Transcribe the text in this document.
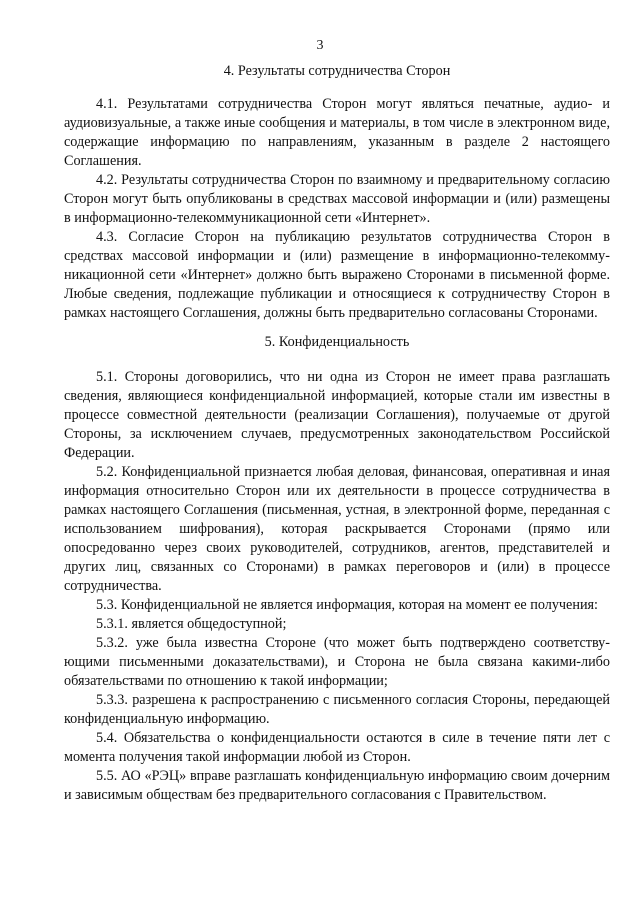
3

4. Результаты сотрудничества Сторон

4.1. Результатами сотрудничества Сторон могут являться печатные, аудио- и аудиовизуальные, а также иные сообщения и материалы, в том числе в электронном виде, содержащие информацию по направлениям, указанным в разделе 2 настоящего Соглашения.

4.2. Результаты сотрудничества Сторон по взаимному и предварительному согласию Сторон могут быть опубликованы в средствах массовой информации и (или) размещены в информационно-телекоммуникационной сети «Интернет».

4.3. Согласие Сторон на публикацию результатов сотрудничества Сторон в средствах массовой информации и (или) размещение в информационно-телекоммуникационной сети «Интернет» должно быть выражено Сторонами в письменной форме. Любые сведения, подлежащие публикации и относящиеся к сотрудничеству Сторон в рамках настоящего Соглашения, должны быть предварительно согласованы Сторонами.

5. Конфиденциальность

5.1. Стороны договорились, что ни одна из Сторон не имеет права разглашать сведения, являющиеся конфиденциальной информацией, которые стали им известны в процессе совместной деятельности (реализации Соглашения), получаемые от другой Стороны, за исключением случаев, предусмотренных законодательством Российской Федерации.

5.2. Конфиденциальной признается любая деловая, финансовая, оперативная и иная информация относительно Сторон или их деятельности в процессе сотрудничества в рамках настоящего Соглашения (письменная, устная, в электронной форме, переданная с использованием шифрования), которая раскрывается Сторонами (прямо или опосредованно через своих руководителей, сотрудников, агентов, представителей и других лиц, связанных со Сторонами) в рамках переговоров и (или) в процессе сотрудничества.

5.3. Конфиденциальной не является информация, которая на момент ее получения:

5.3.1. является общедоступной;

5.3.2. уже была известна Стороне (что может быть подтверждено соответствующими письменными доказательствами), и Сторона не была связана какими-либо обязательствами по отношению к такой информации;

5.3.3. разрешена к распространению с письменного согласия Стороны, передающей конфиденциальную информацию.

5.4. Обязательства о конфиденциальности остаются в силе в течение пяти лет с момента получения такой информации любой из Сторон.

5.5. АО «РЭЦ» вправе разглашать конфиденциальную информацию своим дочерним и зависимым обществам без предварительного согласования с Правительством.
